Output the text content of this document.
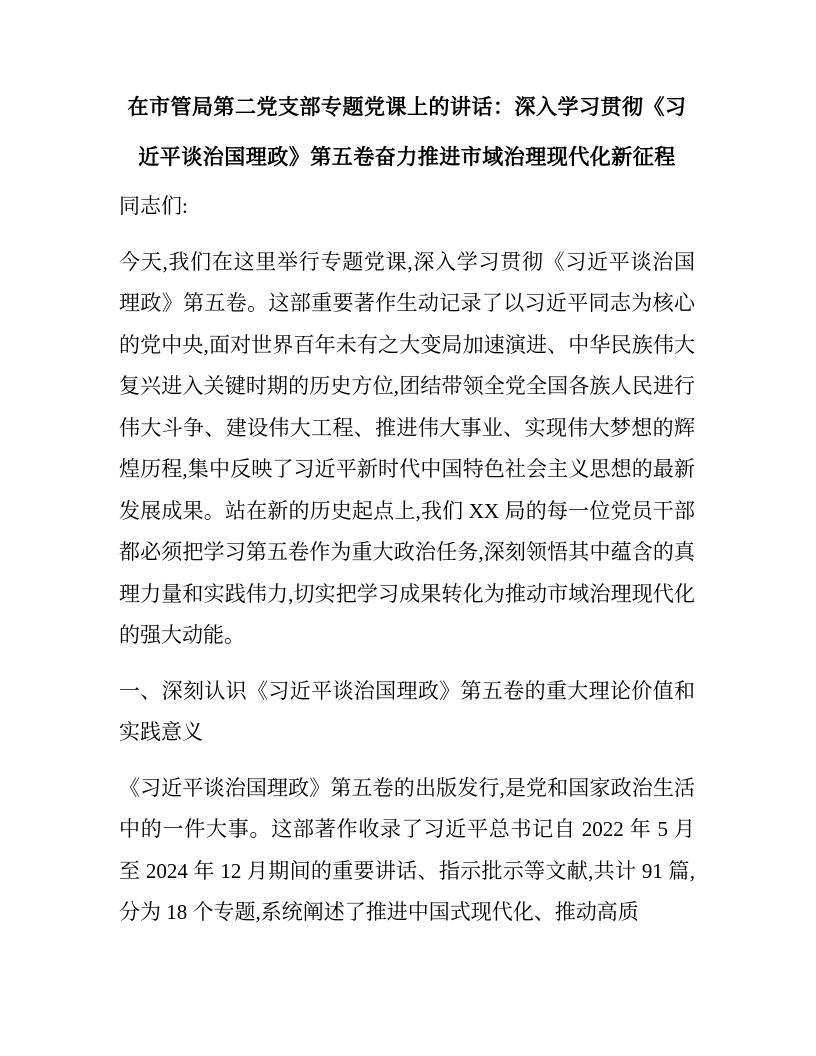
在市管局第二党支部专题党课上的讲话：深入学习贯彻《习近平谈治国理政》第五卷奋力推进市域治理现代化新征程

同志们:

今天,我们在这里举行专题党课,深入学习贯彻《习近平谈治国理政》第五卷。这部重要著作生动记录了以习近平同志为核心的党中央,面对世界百年未有之大变局加速演进、中华民族伟大复兴进入关键时期的历史方位,团结带领全党全国各族人民进行伟大斗争、建设伟大工程、推进伟大事业、实现伟大梦想的辉煌历程,集中反映了习近平新时代中国特色社会主义思想的最新发展成果。站在新的历史起点上,我们 XX 局的每一位党员干部都必须把学习第五卷作为重大政治任务,深刻领悟其中蕴含的真理力量和实践伟力,切实把学习成果转化为推动市域治理现代化的强大动能。

一、深刻认识《习近平谈治国理政》第五卷的重大理论价值和实践意义

《习近平谈治国理政》第五卷的出版发行,是党和国家政治生活中的一件大事。这部著作收录了习近平总书记自 2022 年 5 月至 2024 年 12 月期间的重要讲话、指示批示等文献,共计 91 篇,分为 18 个专题,系统阐述了推进中国式现代化、推动高质
